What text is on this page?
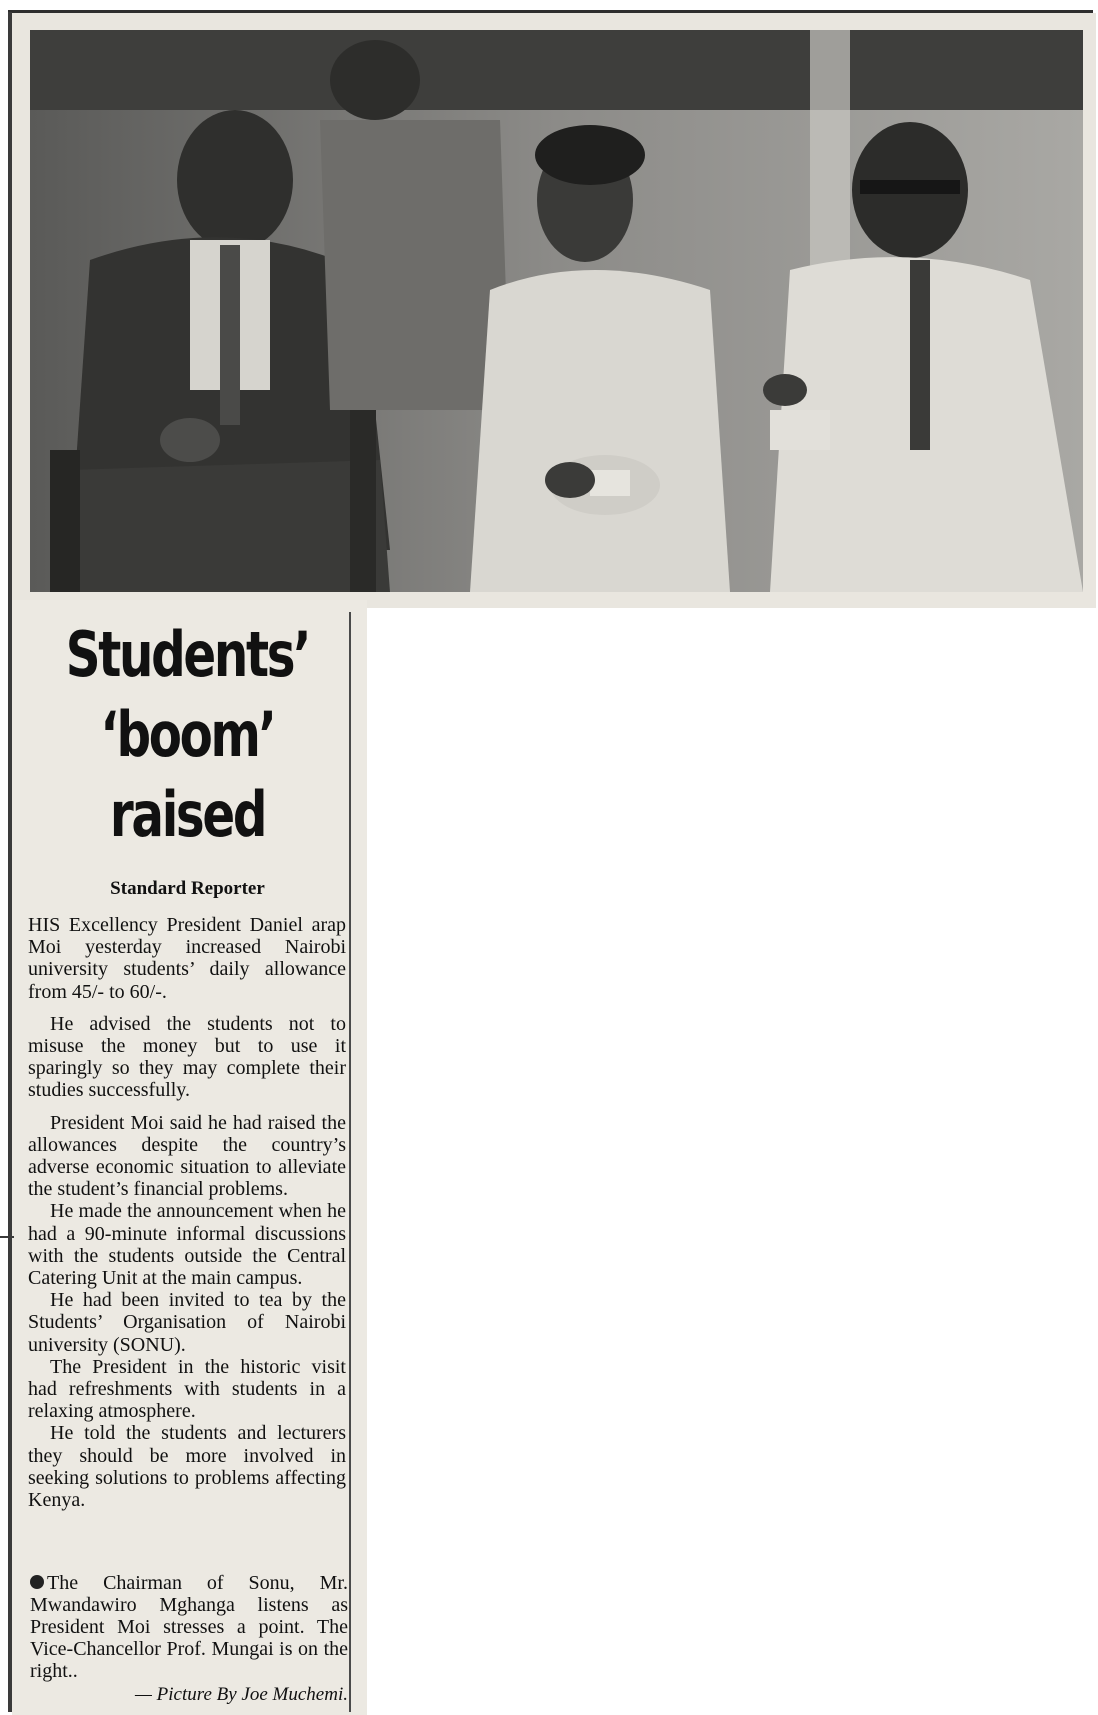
Students’
‘boom’
raised
Standard Reporter

HIS Excellency President Daniel arap Moi yesterday increased Nairobi university students’ daily allowance from 45/- to 60/-.

He advised the students not to misuse the money but to use it sparingly so they may complete their studies successfully.

President Moi said he had raised the allowances despite the country’s adverse economic situation to alleviate the student’s financial problems.

He made the announcement when he had a 90-minute informal discussions with the students outside the Central Catering Unit at the main campus.

He had been invited to tea by the Students’ Organisation of Nairobi university (SONU).

The President in the historic visit had refreshments with students in a relaxing atmosphere.

He told the students and lecturers they should be more involved in seeking solutions to problems affecting Kenya.

The Chairman of Sonu, Mr. Mwandawiro Mghanga listens as President Moi stresses a point. The Vice-Chancellor Prof. Mungai is on the right..
— Picture By Joe Muchemi.
